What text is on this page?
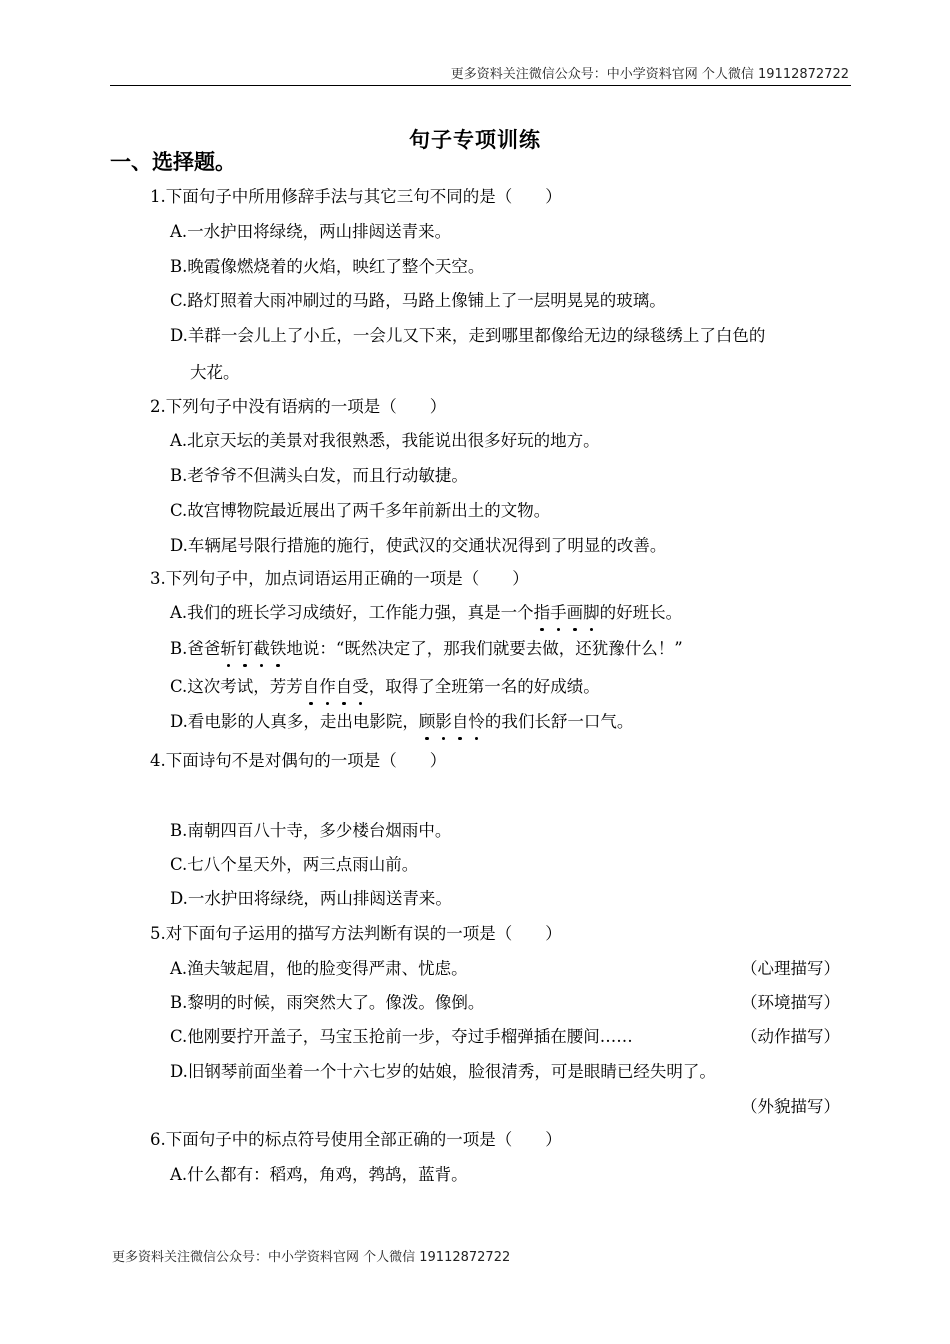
更多资料关注微信公众号：中小学资料官网 个人微信 19112872722
句子专项训练
一、选择题。
1.下面句子中所用修辞手法与其它三句不同的是（　　）
A.一水护田将绿绕，两山排闼送青来。
B.晚霞像燃烧着的火焰，映红了整个天空。
C.路灯照着大雨冲刷过的马路，马路上像铺上了一层明晃晃的玻璃。
D.羊群一会儿上了小丘，一会儿又下来，走到哪里都像给无边的绿毯绣上了白色的
大花。
2.下列句子中没有语病的一项是（　　）
A.北京天坛的美景对我很熟悉，我能说出很多好玩的地方。
B.老爷爷不但满头白发，而且行动敏捷。
C.故宫博物院最近展出了两千多年前新出土的文物。
D.车辆尾号限行措施的施行，使武汉的交通状况得到了明显的改善。
3.下列句子中，加点词语运用正确的一项是（　　）
A.我们的班长学习成绩好，工作能力强，真是一个指手画脚的好班长。
B.爸爸斩钉截铁地说：“既然决定了，那我们就要去做，还犹豫什么！”
C.这次考试，芳芳自作自受，取得了全班第一名的好成绩。
D.看电影的人真多，走出电影院，顾影自怜的我们长舒一口气。
4.下面诗句不是对偶句的一项是（　　）
B.南朝四百八十寺，多少楼台烟雨中。
C.七八个星天外，两三点雨山前。
D.一水护田将绿绕，两山排闼送青来。
5.对下面句子运用的描写方法判断有误的一项是（　　）
A.渔夫皱起眉，他的脸变得严肃、忧虑。	（心理描写）
B.黎明的时候，雨突然大了。像泼。像倒。	（环境描写）
C.他刚要拧开盖子，马宝玉抢前一步，夺过手榴弹插在腰间……	（动作描写）
D.旧钢琴前面坐着一个十六七岁的姑娘，脸很清秀，可是眼睛已经失明了。
（外貌描写）
6.下面句子中的标点符号使用全部正确的一项是（　　）
A.什么都有：稻鸡，角鸡，鹁鸪，蓝背。
更多资料关注微信公众号：中小学资料官网 个人微信 19112872722
